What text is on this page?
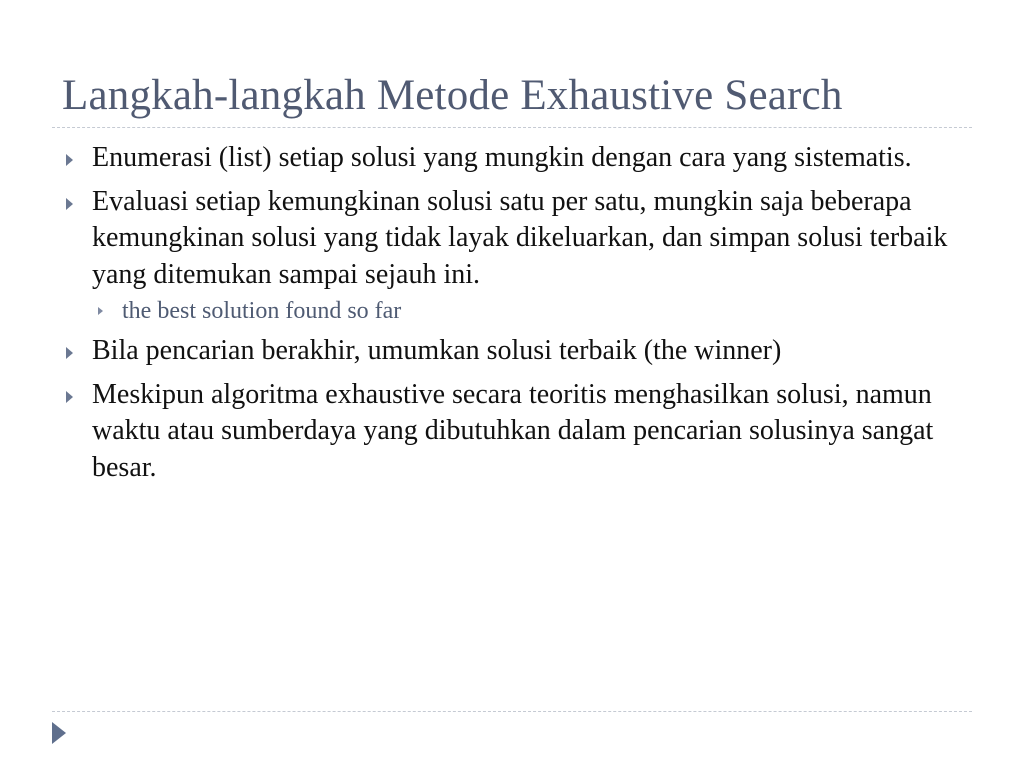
Langkah-langkah Metode Exhaustive Search
Enumerasi (list) setiap solusi yang mungkin dengan cara yang sistematis.
Evaluasi setiap kemungkinan solusi satu per satu, mungkin saja beberapa kemungkinan solusi yang tidak layak dikeluarkan, dan simpan solusi terbaik yang ditemukan sampai sejauh ini.
the best solution found so far
Bila pencarian berakhir, umumkan solusi terbaik (the winner)
Meskipun algoritma exhaustive secara teoritis menghasilkan solusi, namun waktu atau sumberdaya yang dibutuhkan dalam pencarian solusinya sangat besar.
